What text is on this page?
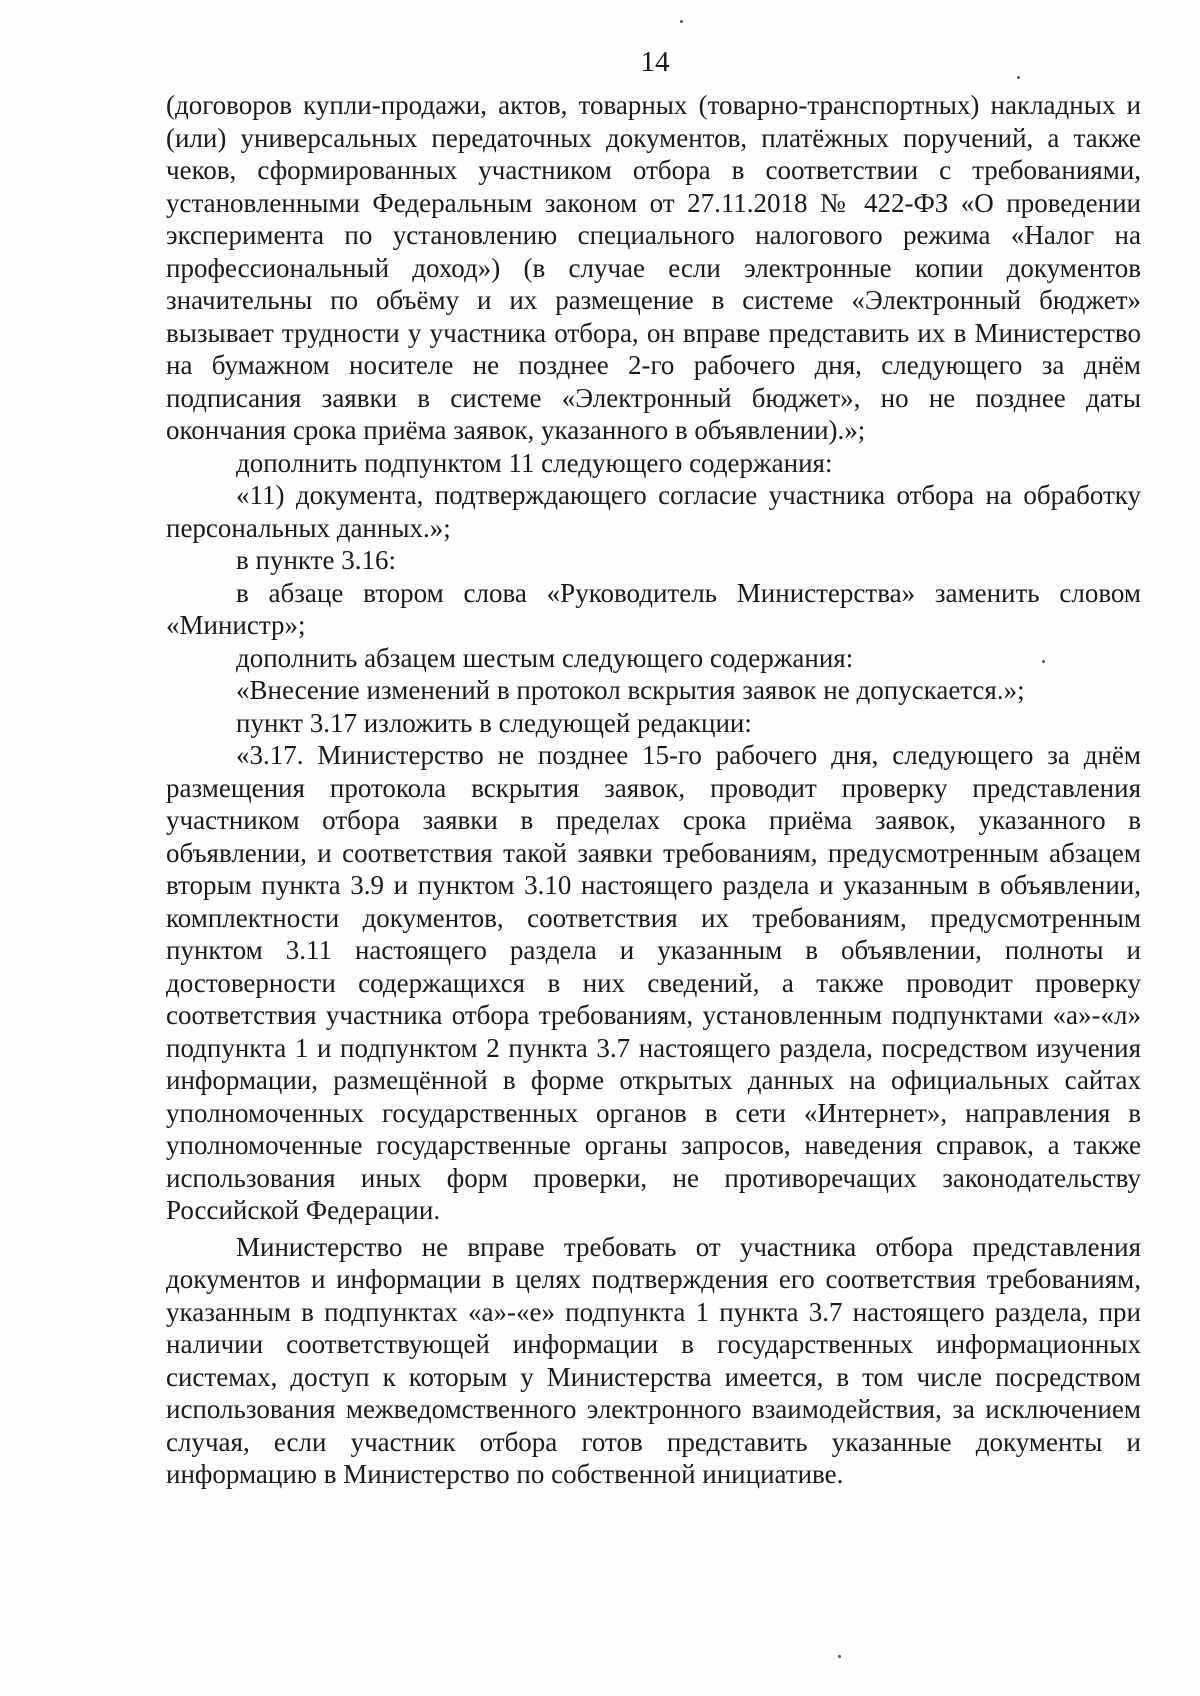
14

(договоров купли-продажи, актов, товарных (товарно-транспортных) накладных и (или) универсальных передаточных документов, платёжных поручений, а также чеков, сформированных участником отбора в соответствии с требованиями, установленными Федеральным законом от 27.11.2018 № 422-ФЗ «О проведении эксперимента по установлению специального налогового режима «Налог на профессиональный доход») (в случае если электронные копии документов значительны по объёму и их размещение в системе «Электронный бюджет» вызывает трудности у участника отбора, он вправе представить их в Министерство на бумажном носителе не позднее 2-го рабочего дня, следующего за днём подписания заявки в системе «Электронный бюджет», но не позднее даты окончания срока приёма заявок, указанного в объявлении).»;

дополнить подпунктом 11 следующего содержания:

«11) документа, подтверждающего согласие участника отбора на обработку персональных данных.»;

в пункте 3.16:

в абзаце втором слова «Руководитель Министерства» заменить словом «Министр»;

дополнить абзацем шестым следующего содержания:

«Внесение изменений в протокол вскрытия заявок не допускается.»;

пункт 3.17 изложить в следующей редакции:

«3.17. Министерство не позднее 15-го рабочего дня, следующего за днём размещения протокола вскрытия заявок, проводит проверку представления участником отбора заявки в пределах срока приёма заявок, указанного в объявлении, и соответствия такой заявки требованиям, предусмотренным абзацем вторым пункта 3.9 и пунктом 3.10 настоящего раздела и указанным в объявлении, комплектности документов, соответствия их требованиям, предусмотренным пунктом 3.11 настоящего раздела и указанным в объявлении, полноты и достоверности содержащихся в них сведений, а также проводит проверку соответствия участника отбора требованиям, установленным подпунктами «а»-«л» подпункта 1 и подпунктом 2 пункта 3.7 настоящего раздела, посредством изучения информации, размещённой в форме открытых данных на официальных сайтах уполномоченных государственных органов в сети «Интернет», направления в уполномоченные государственные органы запросов, наведения справок, а также использования иных форм проверки, не противоречащих законодательству Российской Федерации.

Министерство не вправе требовать от участника отбора представления документов и информации в целях подтверждения его соответствия требованиям, указанным в подпунктах «а»-«е» подпункта 1 пункта 3.7 настоящего раздела, при наличии соответствующей информации в государственных информационных системах, доступ к которым у Министерства имеется, в том числе посредством использования межведомственного электронного взаимодействия, за исключением случая, если участник отбора готов представить указанные документы и информацию в Министерство по собственной инициативе.
